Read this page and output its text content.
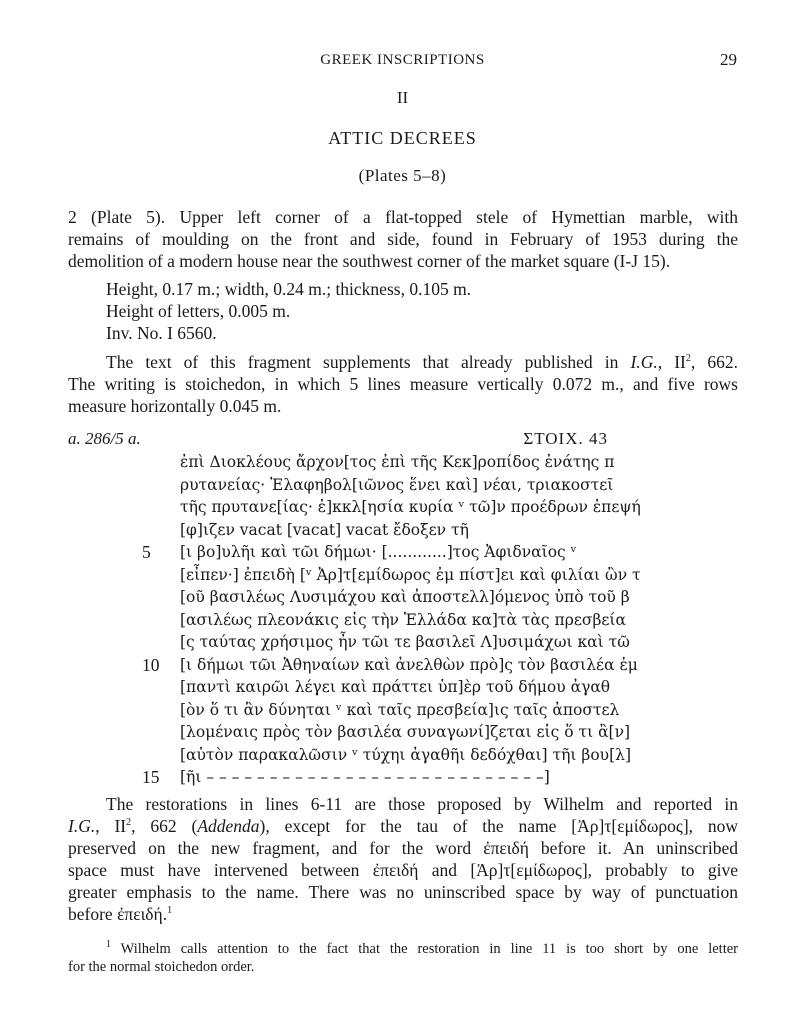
GREEK INSCRIPTIONS	29
II
ATTIC DECREES
(Plates 5–8)
2 (Plate 5). Upper left corner of a flat-topped stele of Hymettian marble, with
remains of moulding on the front and side, found in February of 1953 during the
demolition of a modern house near the southwest corner of the market square (I-J 15).
Height, 0.17 m.; width, 0.24 m.; thickness, 0.105 m.
Height of letters, 0.005 m.
Inv. No. I 6560.
The text of this fragment supplements that already published in I.G., $II^2$, 662.
The writing is stoichedon, in which 5 lines measure vertically 0.072 m., and five rows
measure horizontally 0.045 m.
a. 286/5 a.	ΣΤΟΙΧ. 43
ἐπὶ Διοκλέους ἄρχον[τος ἐπὶ τῆς Κεκ]ροπίδος ἐνάτης π
ρυτανείας· Ἐλαφηβολ[ιῶνος ἕνει καὶ] νέαι, τριακοστεῖ
τῆς πρυτανε[ίας· ἐ]κκλ[ησία κυρία ᵛ τῶ]ν προέδρων ἐπεψή
[φ]ιζεν vacat [vacat] vacat ἔδοξεν τῆ
5	[ι βο]υλῆι καὶ τῶι δήμωι· [............]τος Ἀφιδναῖος ᵛ
[εἶπεν·] ἐπειδὴ [ᵛ Ἀρ]τ[εμίδωρος ἐμ πίστ]ει καὶ φιλίαι ὢν τ
[οῦ βασιλέως Λυσιμάχου καὶ ἀποστελλ]όμενος ὑπὸ τοῦ β
[ασιλέως πλεονάκις εἰς τὴν Ἑλλάδα κα]τὰ τὰς πρεσβεία
[ς ταύτας χρήσιμος ἦν τῶι τε βασιλεῖ Λ]υσιμάχωι καὶ τῶ
10	[ι δήμωι τῶι Ἀθηναίων καὶ ἀνελθὼν πρὸ]ς τὸν βασιλέα ἐμ
[παντὶ καιρῶι λέγει καὶ πράττει ὑπ]ὲρ τοῦ δήμου ἀγαθ
[ὸν ὅ τι ἂν δύνηται ᵛ καὶ ταῖς πρεσβεία]ις ταῖς ἀποστελ
[λομέναις πρὸς τὸν βασιλέα συναγωνί]ζεται εἰς ὅ τι ἂ[ν]
[αὐτὸν παρακαλῶσιν ᵛ τύχηι ἀγαθῆι δεδόχθαι] τῆι βου[λ]
15	[ῆι – – – – – – – – – – – – – – – – – – – – – – – – – – –]
The restorations in lines 6-11 are those proposed by Wilhelm and reported in
I.G., $II^2$, 662 (Addenda), except for the tau of the name [Ἀρ]τ[εμίδωρος], now
preserved on the new fragment, and for the word ἐπειδή before it. An uninscribed
space must have intervened between ἐπειδή and [Ἀρ]τ[εμίδωρος], probably to give
greater emphasis to the name. There was no uninscribed space by way of punctuation
before ἐπειδή.$^1$
$^1$ Wilhelm calls attention to the fact that the restoration in line 11 is too short by one letter
for the normal stoichedon order.
